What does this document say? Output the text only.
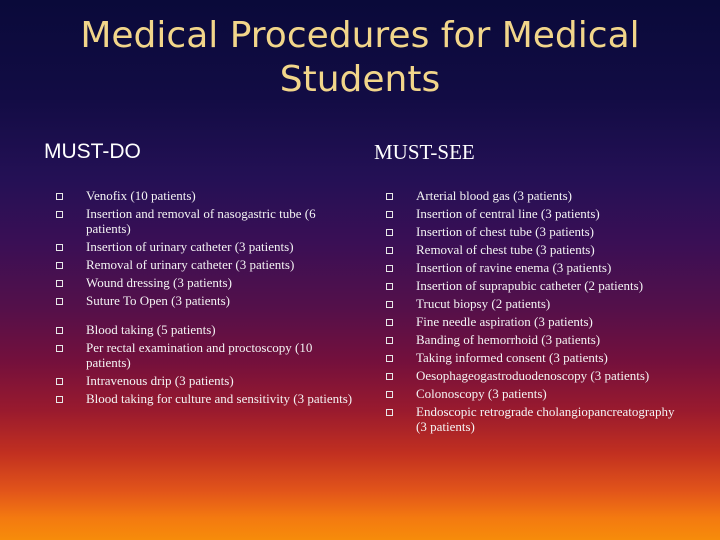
Medical Procedures for Medical Students
MUST-DO	MUST-SEE
Venofix (10 patients)
Insertion and removal of nasogastric tube (6 patients)
Insertion of urinary catheter (3 patients)
Removal of urinary catheter (3 patients)
Wound dressing (3 patients)
Suture To Open (3 patients)
Blood taking (5 patients)
Per rectal examination and proctoscopy (10 patients)
Intravenous drip (3 patients)
Blood taking for culture and sensitivity (3 patients)
Arterial blood gas (3 patients)
Insertion of central line (3 patients)
Insertion of chest tube (3 patients)
Removal of chest tube (3 patients)
Insertion of ravine enema (3 patients)
Insertion of suprapubic catheter (2 patients)
Trucut biopsy (2 patients)
Fine needle aspiration (3 patients)
Banding of hemorrhoid (3 patients)
Taking informed consent (3 patients)
Oesophageogastroduodenoscopy (3 patients)
Colonoscopy (3 patients)
Endoscopic retrograde cholangiopancreatography (3 patients)
